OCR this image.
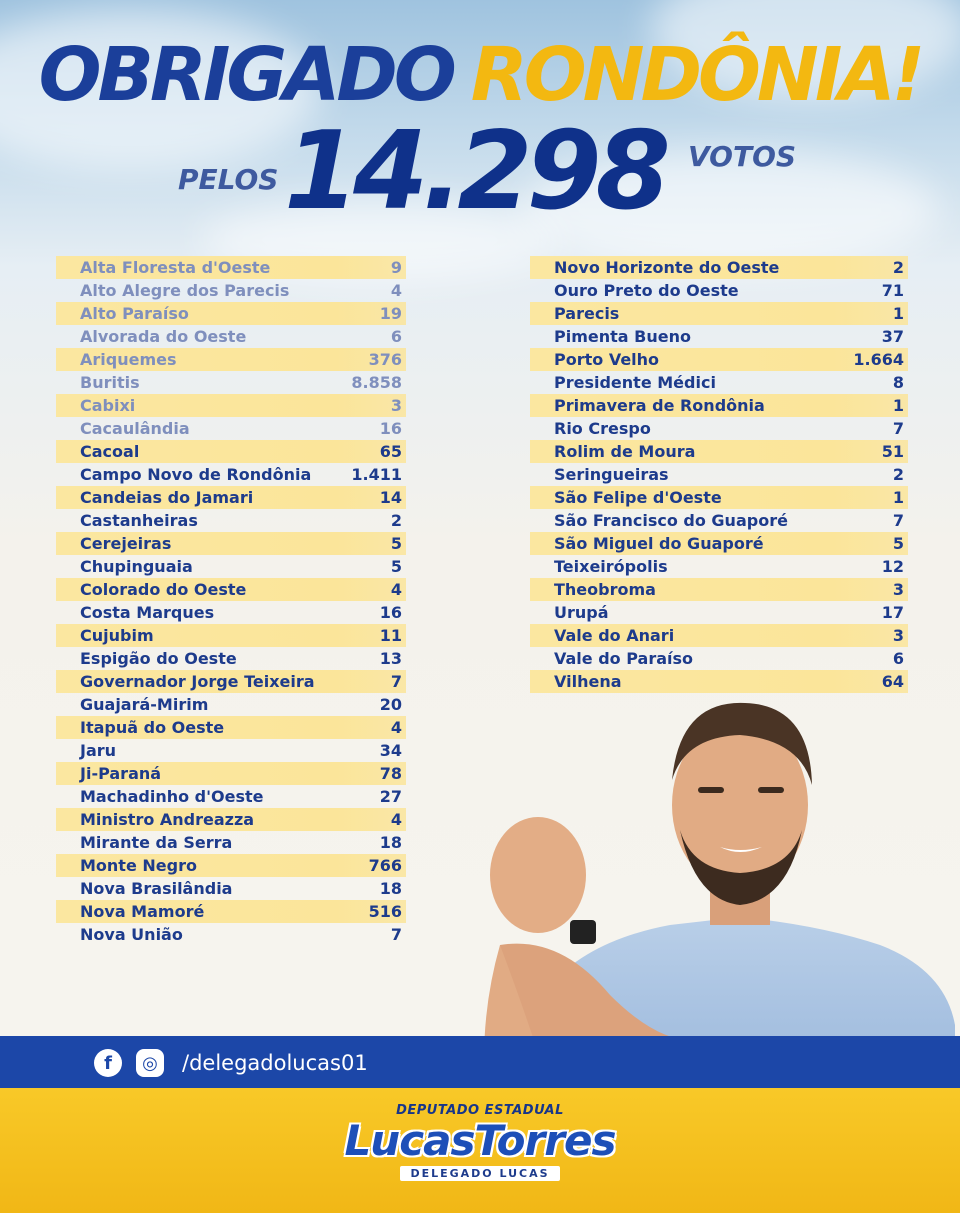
OBRIGADO RONDÔNIA!
PELOS 14.298 VOTOS
Alta Floresta d'Oeste	9
Alto Alegre dos Parecis	4
Alto Paraíso	19
Alvorada do Oeste	6
Ariquemes	376
Buritis	8.858
Cabixi	3
Cacaulândia	16
Cacoal	65
Campo Novo de Rondônia	1.411
Candeias do Jamari	14
Castanheiras	2
Cerejeiras	5
Chupinguaia	5
Colorado do Oeste	4
Costa Marques	16
Cujubim	11
Espigão do Oeste	13
Governador Jorge Teixeira	7
Guajará-Mirim	20
Itapuã do Oeste	4
Jaru	34
Ji-Paraná	78
Machadinho d'Oeste	27
Ministro Andreazza	4
Mirante da Serra	18
Monte Negro	766
Nova Brasilândia	18
Nova Mamoré	516
Nova União	7
Novo Horizonte do Oeste	2
Ouro Preto do Oeste	71
Parecis	1
Pimenta Bueno	37
Porto Velho	1.664
Presidente Médici	8
Primavera de Rondônia	1
Rio Crespo	7
Rolim de Moura	51
Seringueiras	2
São Felipe d'Oeste	1
São Francisco do Guaporé	7
São Miguel do Guaporé	5
Teixeirópolis	12
Theobroma	3
Urupá	17
Vale do Anari	3
Vale do Paraíso	6
Vilhena	64
f	◎ /delegadolucas01
DEPUTADO ESTADUAL
LucasTorres
DELEGADO LUCAS
